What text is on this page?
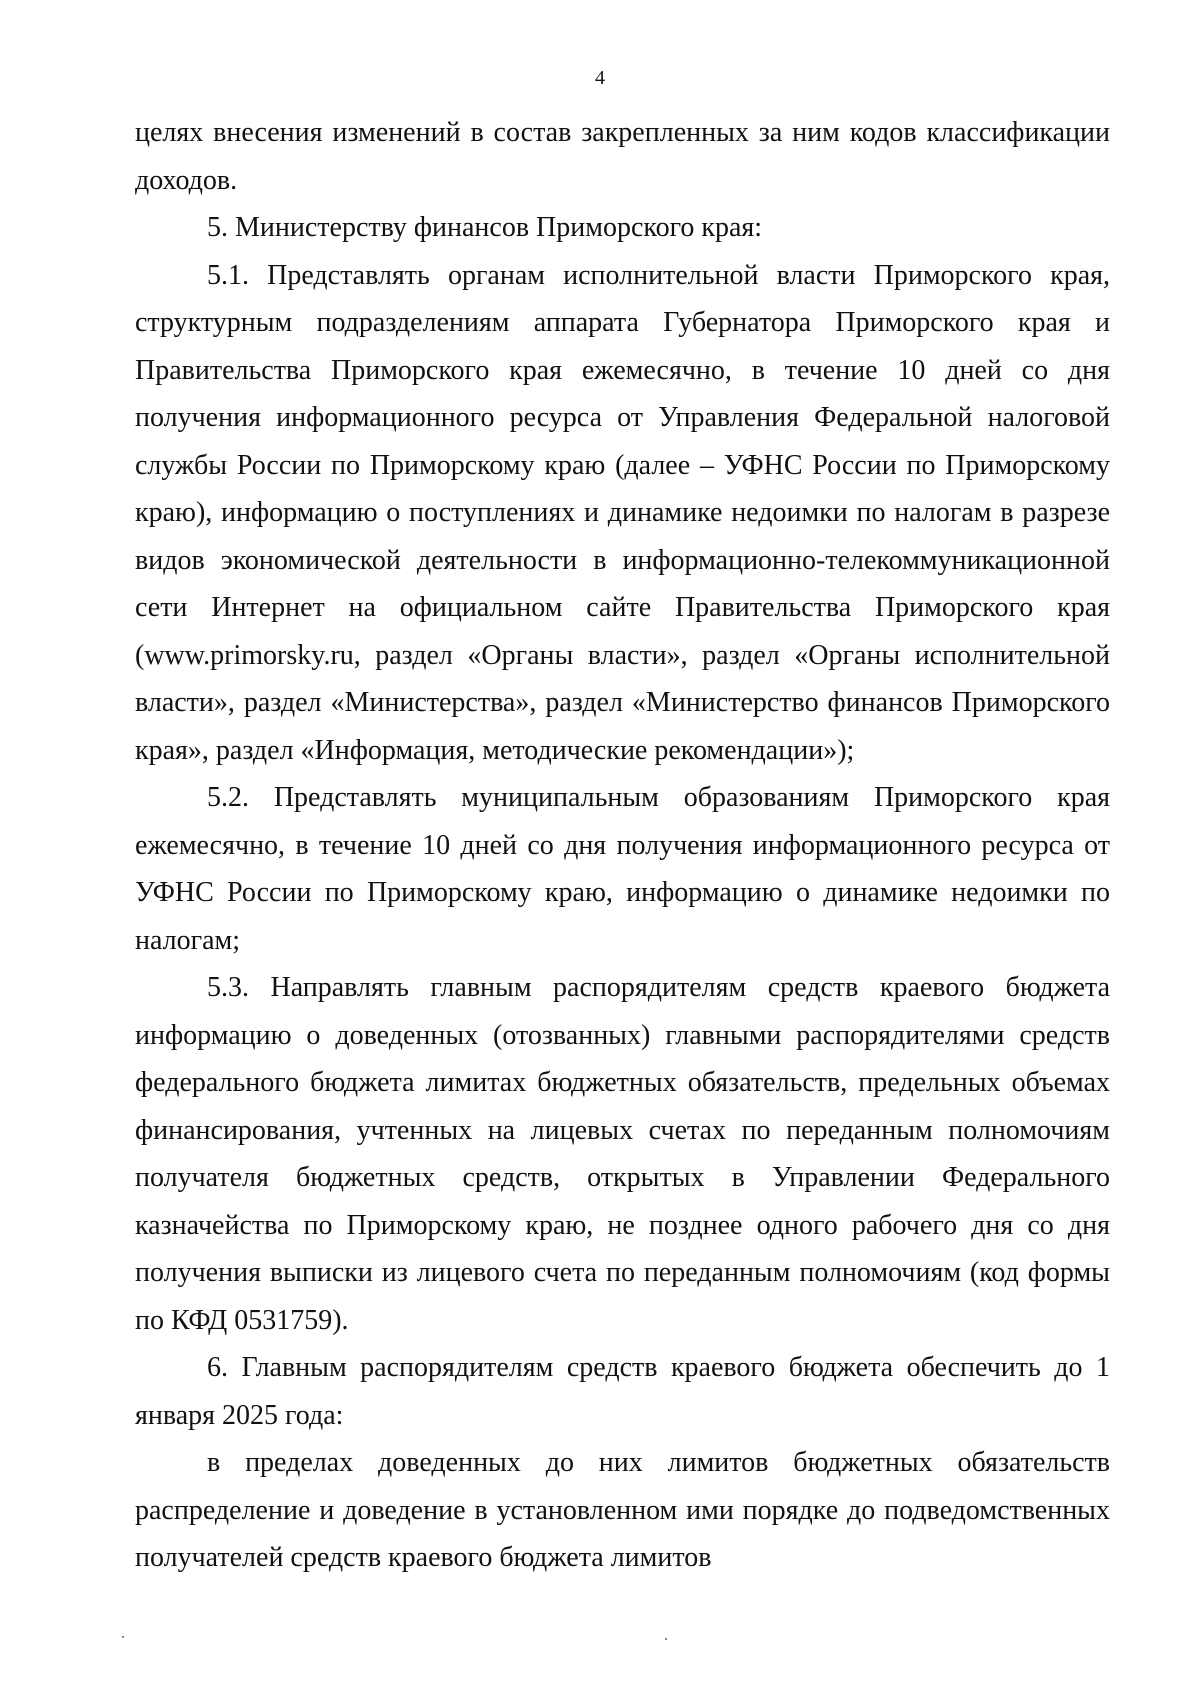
4

целях внесения изменений в состав закрепленных за ним кодов классификации доходов.

5. Министерству финансов Приморского края:

5.1. Представлять органам исполнительной власти Приморского края, структурным подразделениям аппарата Губернатора Приморского края и Правительства Приморского края ежемесячно, в течение 10 дней со дня получения информационного ресурса от Управления Федеральной налоговой службы России по Приморскому краю (далее – УФНС России по Приморскому краю), информацию о поступлениях и динамике недоимки по налогам в разрезе видов экономической деятельности в информационно-телекоммуникационной сети Интернет на официальном сайте Правительства Приморского края (www.primorsky.ru, раздел «Органы власти», раздел «Органы исполнительной власти», раздел «Министерства», раздел «Министерство финансов Приморского края», раздел «Информация, методические рекомендации»);

5.2. Представлять муниципальным образованиям Приморского края ежемесячно, в течение 10 дней со дня получения информационного ресурса от УФНС России по Приморскому краю, информацию о динамике недоимки по налогам;

5.3. Направлять главным распорядителям средств краевого бюджета информацию о доведенных (отозванных) главными распорядителями средств федерального бюджета лимитах бюджетных обязательств, предельных объемах финансирования, учтенных на лицевых счетах по переданным полномочиям получателя бюджетных средств, открытых в Управлении Федерального казначейства по Приморскому краю, не позднее одного рабочего дня со дня получения выписки из лицевого счета по переданным полномочиям (код формы по КФД 0531759).

6. Главным распорядителям средств краевого бюджета обеспечить до 1 января 2025 года:

в пределах доведенных до них лимитов бюджетных обязательств распределение и доведение в установленном ими порядке до подведомственных получателей средств краевого бюджета лимитов
